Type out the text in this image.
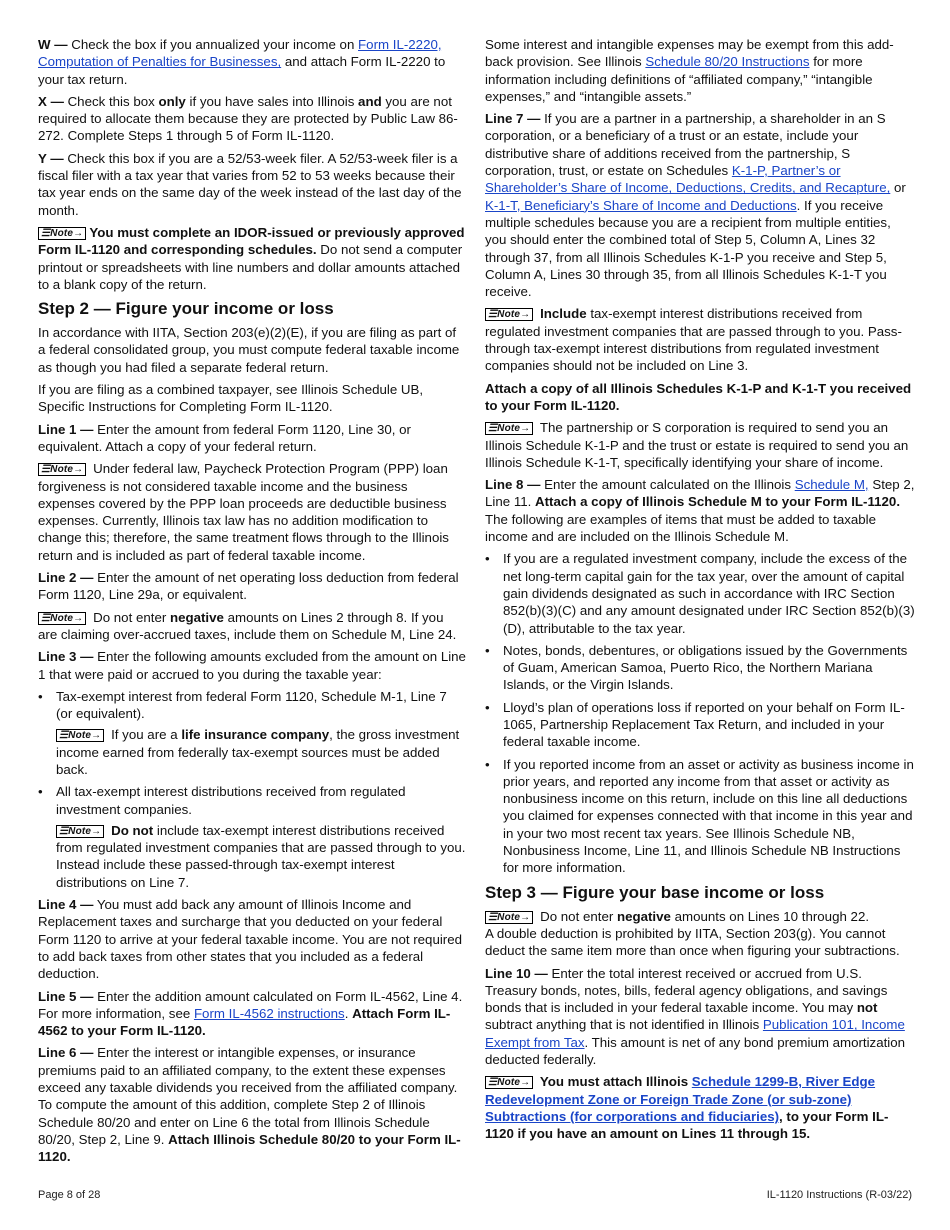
W — Check the box if you annualized your income on Form IL-2220, Computation of Penalties for Businesses, and attach Form IL-2220 to your tax return.

X — Check this box only if you have sales into Illinois and you are not required to allocate them because they are protected by Public Law 86-272. Complete Steps 1 through 5 of Form IL-1120.

Y — Check this box if you are a 52/53-week filer. A 52/53-week filer is a fiscal filer with a tax year that varies from 52 to 53 weeks because their tax year ends on the same day of the week instead of the last day of the month.

☰Note→ You must complete an IDOR-issued or previously approved Form IL-1120 and corresponding schedules. Do not send a computer printout or spreadsheets with line numbers and dollar amounts attached to a blank copy of the return.

Step 2 — Figure your income or loss

In accordance with IITA, Section 203(e)(2)(E), if you are filing as part of a federal consolidated group, you must compute federal taxable income as though you had filed a separate federal return.

If you are filing as a combined taxpayer, see Illinois Schedule UB, Specific Instructions for Completing Form IL-1120.

Line 1 — Enter the amount from federal Form 1120, Line 30, or equivalent. Attach a copy of your federal return.

☰Note→ Under federal law, Paycheck Protection Program (PPP) loan forgiveness is not considered taxable income and the business expenses covered by the PPP loan proceeds are deductible business expenses. Currently, Illinois tax law has no addition modification to change this; therefore, the same treatment flows through to the Illinois return and is included as part of federal taxable income.

Line 2 — Enter the amount of net operating loss deduction from federal Form 1120, Line 29a, or equivalent.

☰Note→ Do not enter negative amounts on Lines 2 through 8. If you are claiming over-accrued taxes, include them on Schedule M, Line 24.

Line 3 — Enter the following amounts excluded from the amount on Line 1 that were paid or accrued to you during the taxable year:

• Tax-exempt interest from federal Form 1120, Schedule M-1, Line 7 (or equivalent).
☰Note→ If you are a life insurance company, the gross investment income earned from federally tax-exempt sources must be added back.
• All tax-exempt interest distributions received from regulated investment companies.
☰Note→ Do not include tax-exempt interest distributions received from regulated investment companies that are passed through to you. Instead include these passed-through tax-exempt interest distributions on Line 7.

Line 4 — You must add back any amount of Illinois Income and Replacement taxes and surcharge that you deducted on your federal Form 1120 to arrive at your federal taxable income. You are not required to add back taxes from other states that you included as a federal deduction.

Line 5 — Enter the addition amount calculated on Form IL-4562, Line 4. For more information, see Form IL-4562 instructions. Attach Form IL-4562 to your Form IL-1120.

Line 6 — Enter the interest or intangible expenses, or insurance premiums paid to an affiliated company, to the extent these expenses exceed any taxable dividends you received from the affiliated company. To compute the amount of this addition, complete Step 2 of Illinois Schedule 80/20 and enter on Line 6 the total from Illinois Schedule 80/20, Step 2, Line 9. Attach Illinois Schedule 80/20 to your Form IL-1120.

Some interest and intangible expenses may be exempt from this add-back provision. See Illinois Schedule 80/20 Instructions for more information including definitions of “affiliated company,” “intangible expenses,” and “intangible assets.”

Line 7 — If you are a partner in a partnership, a shareholder in an S corporation, or a beneficiary of a trust or an estate, include your distributive share of additions received from the partnership, S corporation, trust, or estate on Schedules K-1-P, Partner’s or Shareholder’s Share of Income, Deductions, Credits, and Recapture, or K-1-T, Beneficiary’s Share of Income and Deductions. If you receive multiple schedules because you are a recipient from multiple entities, you should enter the combined total of Step 5, Column A, Lines 32 through 37, from all Illinois Schedules K-1-P you receive and Step 5, Column A, Lines 30 through 35, from all Illinois Schedules K-1-T you receive.

☰Note→ Include tax-exempt interest distributions received from regulated investment companies that are passed through to you. Pass-through tax-exempt interest distributions from regulated investment companies should not be included on Line 3.

Attach a copy of all Illinois Schedules K-1-P and K-1-T you received to your Form IL-1120.

☰Note→ The partnership or S corporation is required to send you an Illinois Schedule K-1-P and the trust or estate is required to send you an Illinois Schedule K-1-T, specifically identifying your share of income.

Line 8 — Enter the amount calculated on the Illinois Schedule M, Step 2, Line 11. Attach a copy of Illinois Schedule M to your Form IL-1120. The following are examples of items that must be added to taxable income and are included on the Illinois Schedule M.

• If you are a regulated investment company, include the excess of the net long-term capital gain for the tax year, over the amount of capital gain dividends designated as such in accordance with IRC Section 852(b)(3)(C) and any amount designated under IRC Section 852(b)(3)(D), attributable to the tax year.
• Notes, bonds, debentures, or obligations issued by the Governments of Guam, American Samoa, Puerto Rico, the Northern Mariana Islands, or the Virgin Islands.
• Lloyd’s plan of operations loss if reported on your behalf on Form IL-1065, Partnership Replacement Tax Return, and included in your federal taxable income.
• If you reported income from an asset or activity as business income in prior years, and reported any income from that asset or activity as nonbusiness income on this return, include on this line all deductions you claimed for expenses connected with that income in this year and in your two most recent tax years. See Illinois Schedule NB, Nonbusiness Income, Line 11, and Illinois Schedule NB Instructions for more information.
Step 3 — Figure your base income or loss

☰Note→ Do not enter negative amounts on Lines 10 through 22.

A double deduction is prohibited by IITA, Section 203(g). You cannot deduct the same item more than once when figuring your subtractions.

Line 10 — Enter the total interest received or accrued from U.S. Treasury bonds, notes, bills, federal agency obligations, and savings bonds that is included in your federal taxable income. You may not subtract anything that is not identified in Illinois Publication 101, Income Exempt from Tax. This amount is net of any bond premium amortization deducted federally.

☰Note→ You must attach Illinois Schedule 1299-B, River Edge Redevelopment Zone or Foreign Trade Zone (or sub-zone) Subtractions (for corporations and fiduciaries), to your Form IL-1120 if you have an amount on Lines 11 through 15.

Page 8 of 28	IL-1120 Instructions (R-03/22)
